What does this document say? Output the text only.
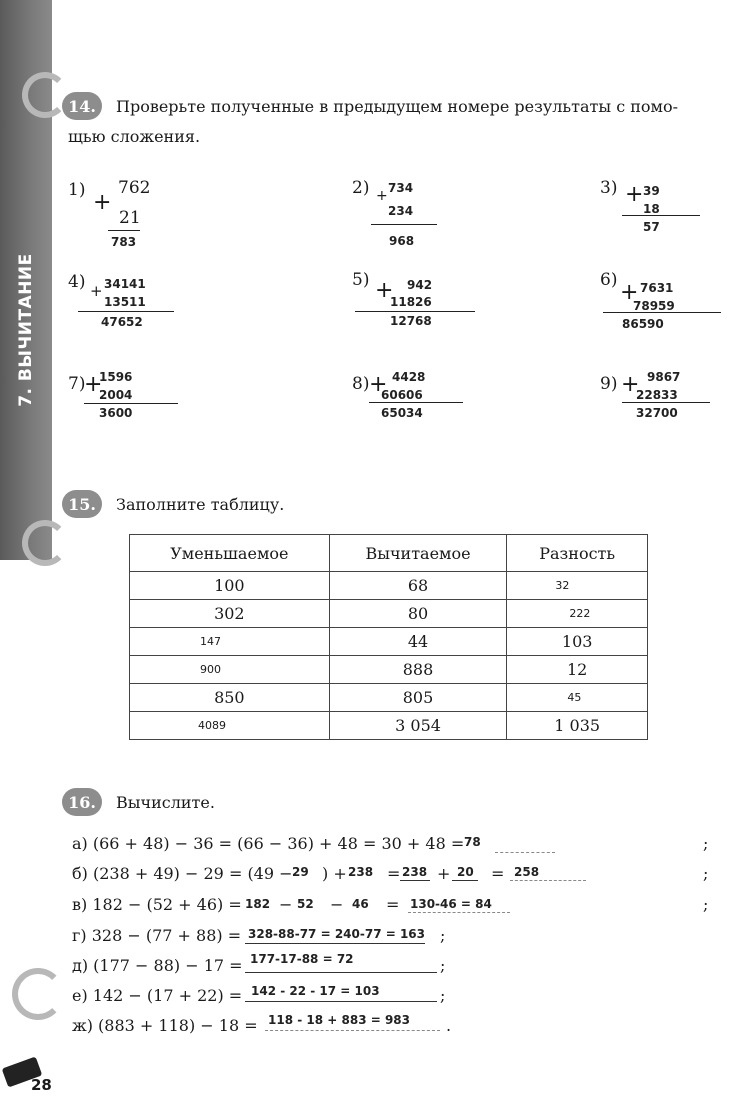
7. ВЫЧИТАНИЕ
14.	Проверьте полученные в предыдущем номере результаты с помо-
щью сложения.
1) +
762
21
783
2) + 734
234
968
3) + 39
18
57
4) + 34141
13511
47652
5) + 942
11826
12768
6) + 7631
78959
86590
7)
+
1596
2004
3600
8) + 4428
60606
65034
9) + 9867
22833
32700
15.	Заполните таблицу.
Уменьшаемое	Вычитаемое	Разность
100	68	32
302	80	222
147	44	103
900	888	12
850	805	45
4089	3 054	1 035
16.	Вычислите.
а) (66 + 48) − 36 = (66 − 36) + 48 = 30 + 48 = 78	;
б) (238 + 49) − 29 = (49 − 29 ) + 238 = 238 + 20 = 258	;
в) 182 − (52 + 46) = 182 − 52 − 46 = 130-46 = 84	;
г) 328 − (77 + 88) = 328-88-77 = 240-77 = 163 ;
д) (177 − 88) − 17 = 177-17-88 = 72	;
е) 142 − (17 + 22) = 142 - 22 - 17 = 103	;
ж) (883 + 118) − 18 = 118 - 18 + 883 = 983 .
28
